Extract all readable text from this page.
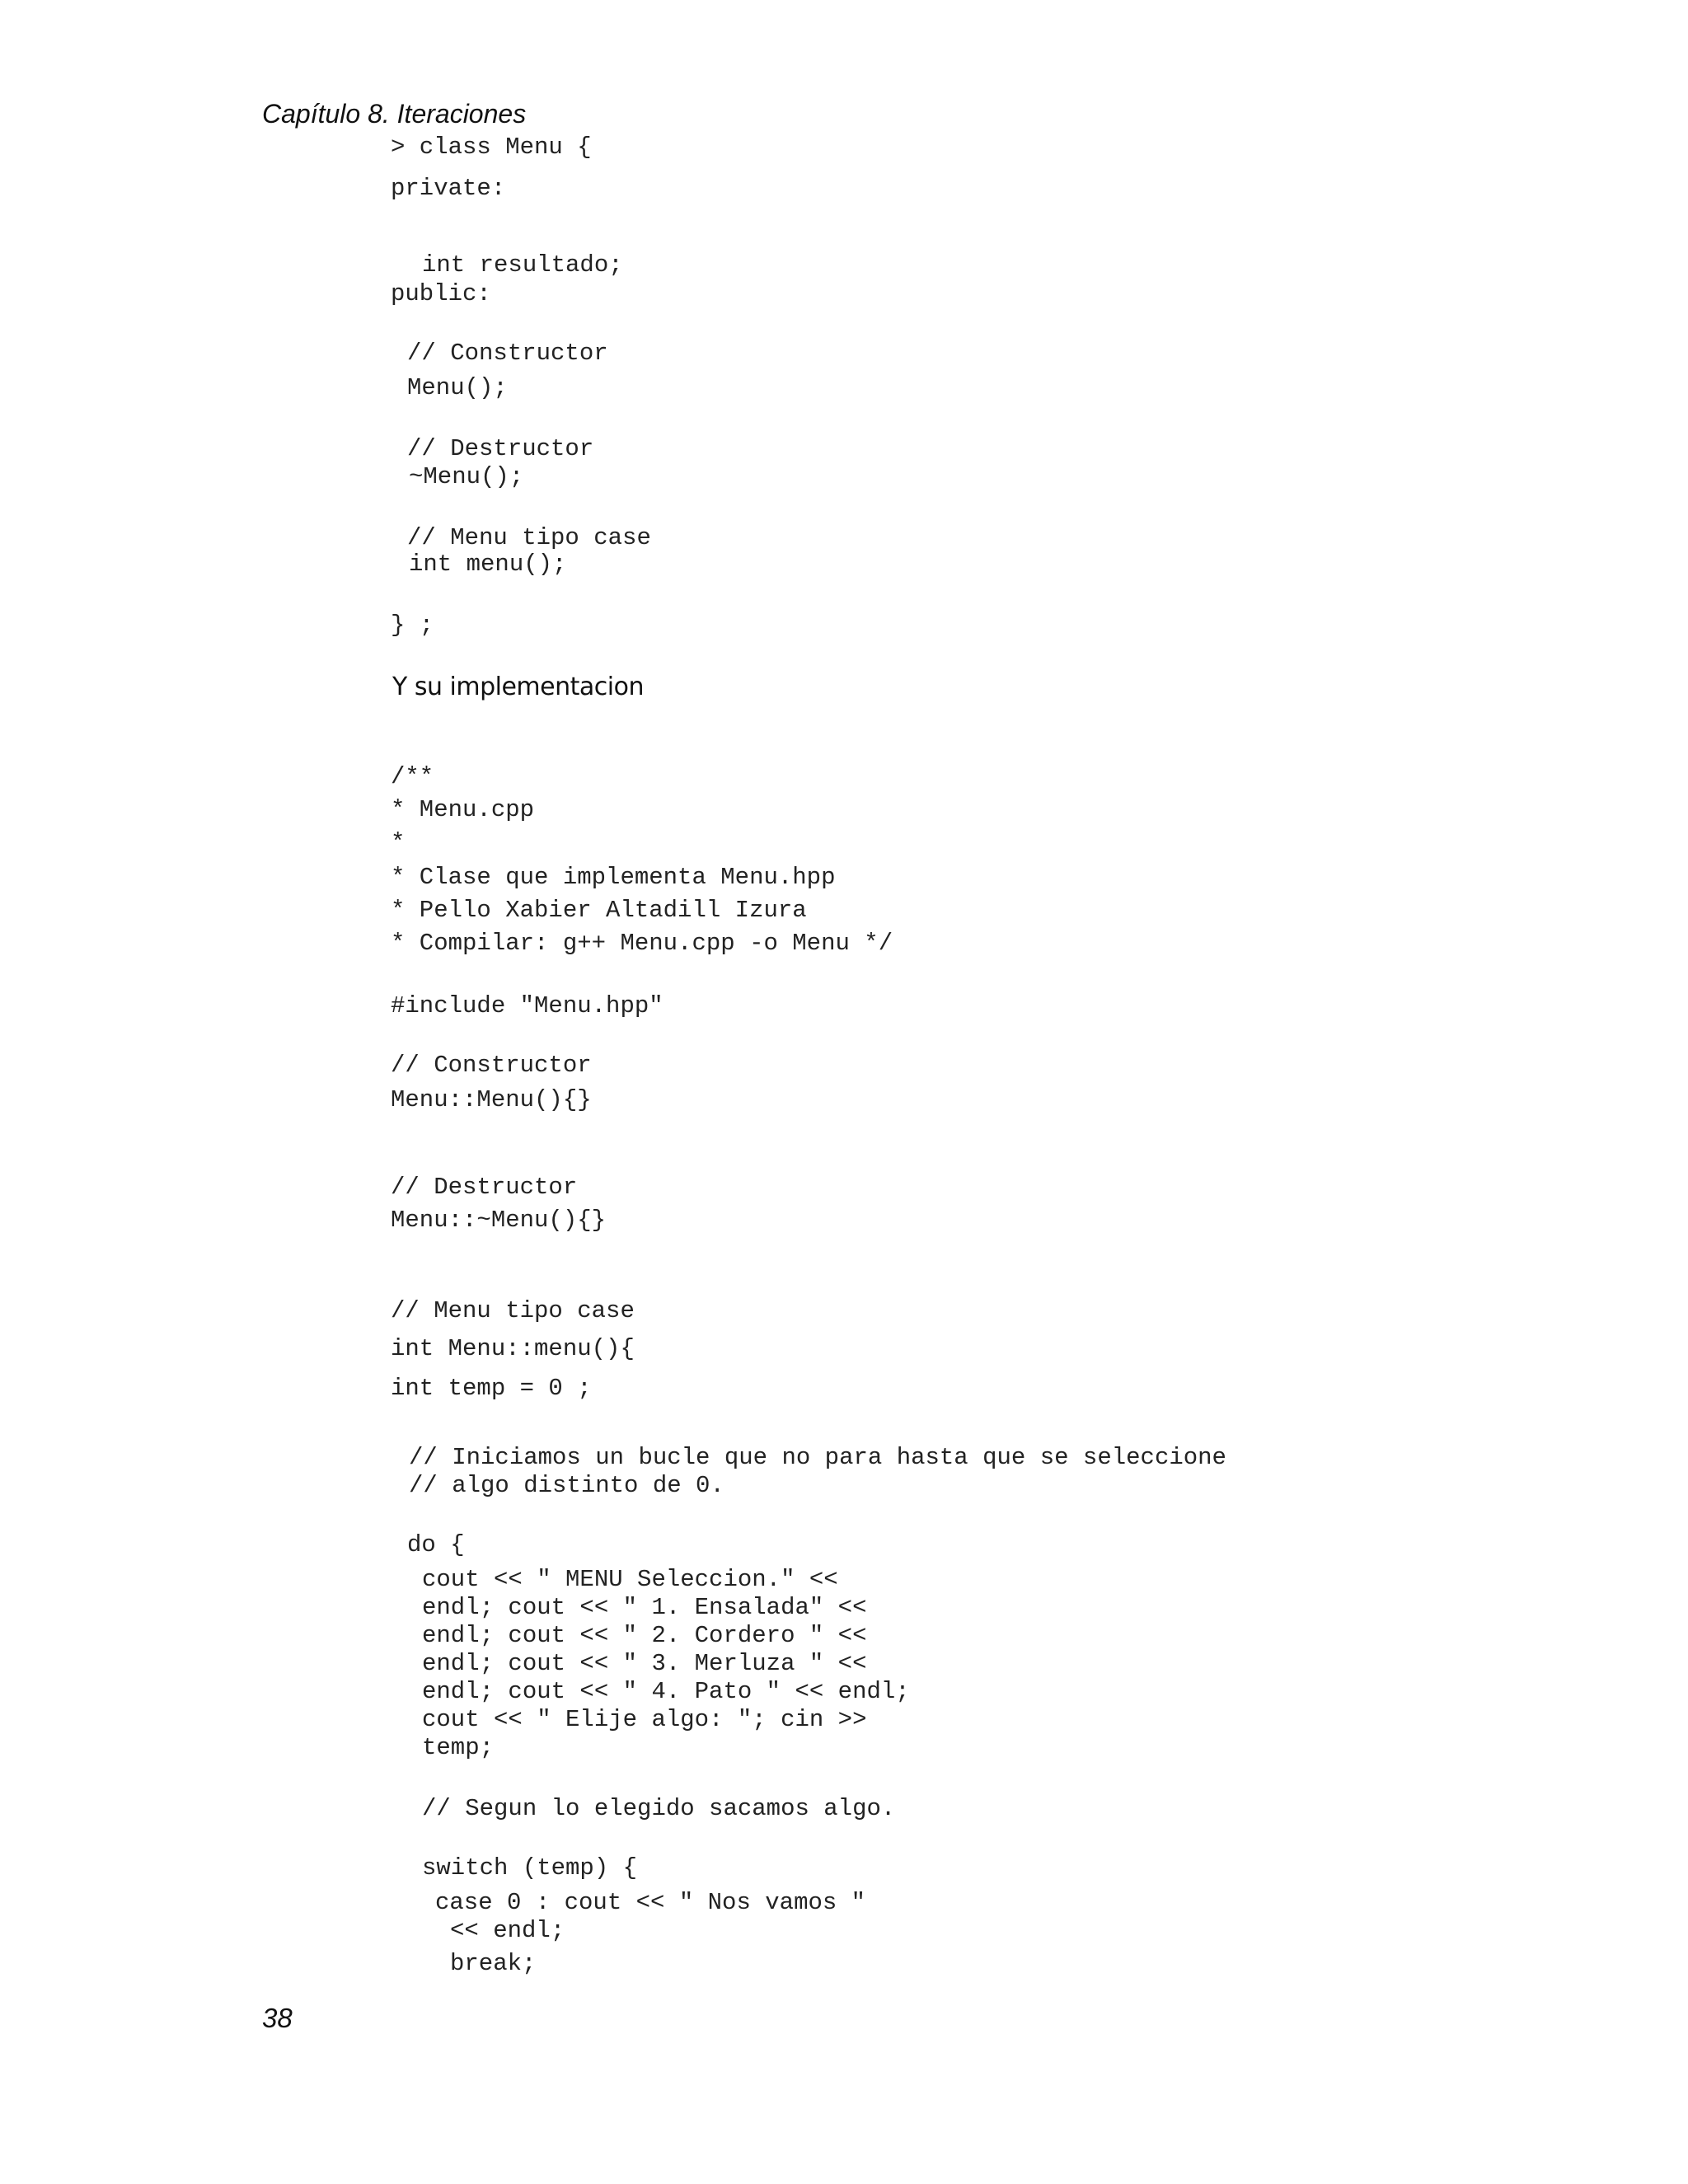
Capítulo 8. Iteraciones
> class Menu {
private:
int resultado;
public:
// Constructor
Menu();
// Destructor
~Menu();
// Menu tipo case
int menu();
} ;
Y su implementacion
/**
* Menu.cpp
*
* Clase que implementa Menu.hpp
* Pello Xabier Altadill Izura
* Compilar: g++ Menu.cpp -o Menu */
#include "Menu.hpp"
// Constructor
Menu::Menu(){}
// Destructor
Menu::~Menu(){}
// Menu tipo case
int Menu::menu(){
int temp = 0 ;
// Iniciamos un bucle que no para hasta que se seleccione
// algo distinto de 0.
do {
cout << " MENU Seleccion." <<
endl; cout << " 1. Ensalada" <<
endl; cout << " 2. Cordero " <<
endl; cout << " 3. Merluza " <<
endl; cout << " 4. Pato " << endl;
cout << " Elije algo: "; cin >>
temp;
// Segun lo elegido sacamos algo.
switch (temp) {
case 0 : cout << " Nos vamos "
<< endl;
break;
38
